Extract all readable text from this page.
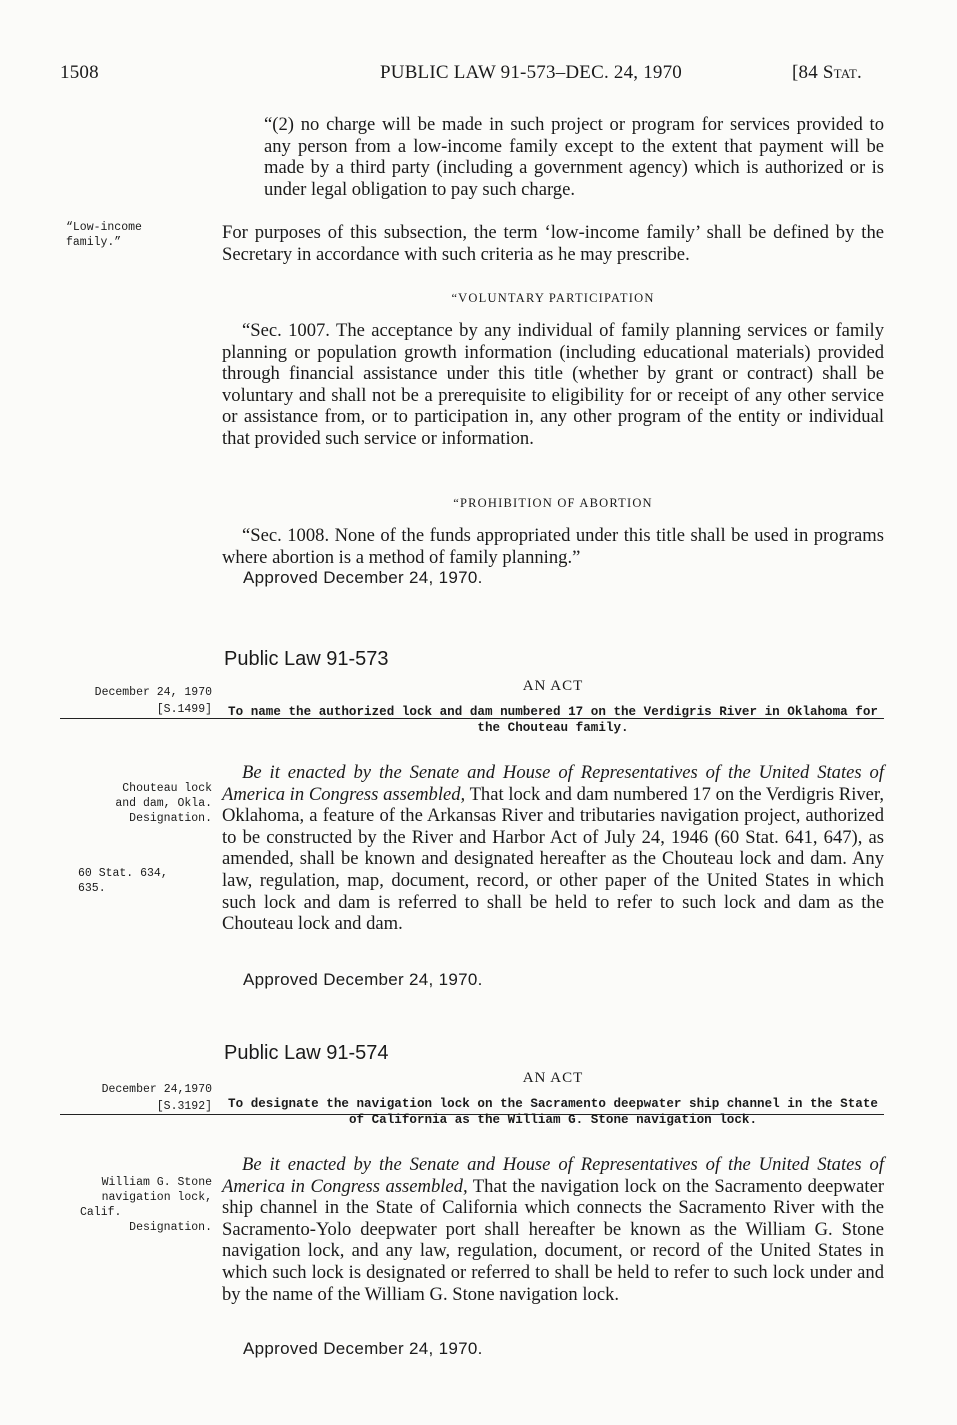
1508	PUBLIC LAW 91-573–DEC. 24, 1970	[84 Stat.

“(2) no charge will be made in such project or program for services provided to any person from a low-income family except to the extent that payment will be made by a third party (including a government agency) which is authorized or is under legal obligation to pay such charge.

For purposes of this subsection, the term ‘low-income family’ shall be defined by the Secretary in accordance with such criteria as he may prescribe.

“Low-income family.”
“VOLUNTARY PARTICIPATION

“Sec. 1007. The acceptance by any individual of family planning services or family planning or population growth information (including educational materials) provided through financial assistance under this title (whether by grant or contract) shall be voluntary and shall not be a prerequisite to eligibility for or receipt of any other service or assistance from, or to participation in, any other program of the entity or individual that provided such service or information.

“PROHIBITION OF ABORTION

“Sec. 1008. None of the funds appropriated under this title shall be used in programs where abortion is a method of family planning.”

Approved December 24, 1970.
Public Law 91-573
AN ACT
December 24, 1970
[S.1499]	To name the authorized lock and dam numbered 17 on the Verdigris River in Oklahoma for the Chouteau family.

Be it enacted by the Senate and House of Representatives of the United States of America in Congress assembled, That lock and dam numbered 17 on the Verdigris River, Oklahoma, a feature of the Arkansas River and tributaries navigation project, authorized to be constructed by the River and Harbor Act of July 24, 1946 (60 Stat. 641, 647), as amended, shall be known and designated hereafter as the Chouteau lock and dam. Any law, regulation, map, document, record, or other paper of the United States in which such lock and dam is referred to shall be held to refer to such lock and dam as the Chouteau lock and dam.

Chouteau lock
and dam, Okla.
Designation.
60 Stat. 634,
635.
Approved December 24, 1970.
Public Law 91-574
AN ACT
December 24,1970
[S.3192]	To designate the navigation lock on the Sacramento deepwater ship channel in the State of California as the William G. Stone navigation lock.

Be it enacted by the Senate and House of Representatives of the United States of America in Congress assembled, That the navigation lock on the Sacramento deepwater ship channel in the State of California which connects the Sacramento River with the Sacramento-Yolo deepwater port shall hereafter be known as the William G. Stone navigation lock, and any law, regulation, document, or record of the United States in which such lock is designated or referred to shall be held to refer to such lock under and by the name of the William G. Stone navigation lock.

William G. Stone
navigation lock,
Calif.
Designation.
Approved December 24, 1970.
